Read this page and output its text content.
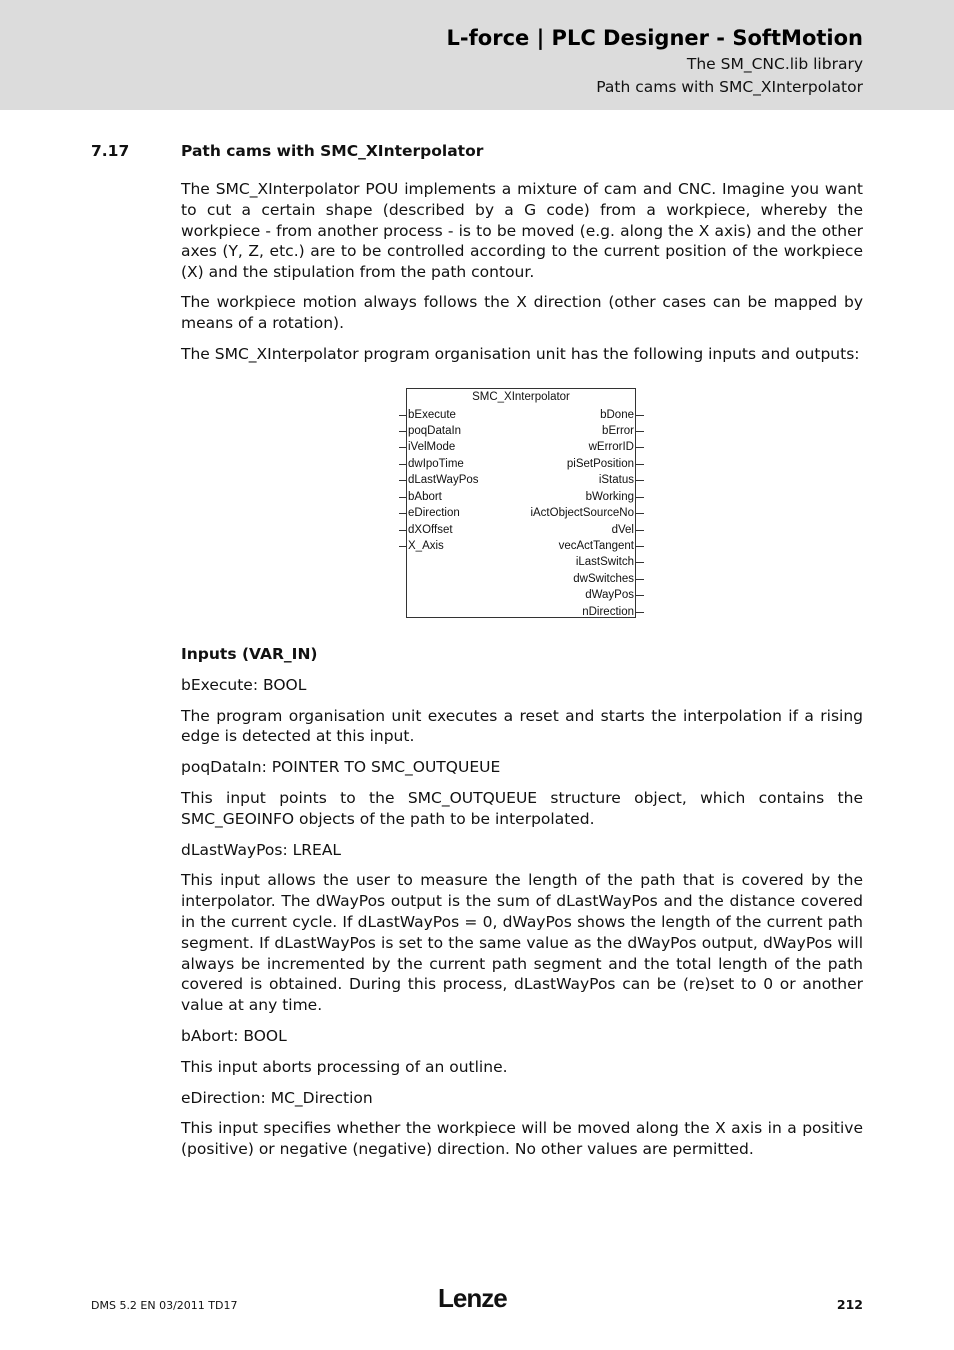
L-force | PLC Designer - SoftMotion
The SM_CNC.lib library
Path cams with SMC_XInterpolator
7.17	Path cams with SMC_XInterpolator

The SMC_XInterpolator POU implements a mixture of cam and CNC. Imagine you want to cut a certain shape (described by a G code) from a workpiece, whereby the workpiece - from another process - is to be moved (e.g. along the X axis) and the other axes (Y, Z, etc.) are to be controlled according to the current position of the workpiece (X) and the stipulation from the path contour.

The workpiece motion always follows the X direction (other cases can be mapped by means of a rotation).

The SMC_XInterpolator program organisation unit has the following inputs and outputs:

SMC_XInterpolator
bExecute
poqDataIn
iVelMode
dwIpoTime
dLastWayPos
bAbort
eDirection
dXOffset
X_Axis
bDone
bError
wErrorID
piSetPosition
iStatus
bWorking
iActObjectSourceNo
dVel
vecActTangent
iLastSwitch
dwSwitches
dWayPos
nDirection

Inputs (VAR_IN)

bExecute: BOOL

The program organisation unit executes a reset and starts the interpolation if a rising edge is detected at this input.

poqDataIn: POINTER TO SMC_OUTQUEUE

This input points to the SMC_OUTQUEUE structure object, which contains the SMC_GEOINFO objects of the path to be interpolated.

dLastWayPos: LREAL

This input allows the user to measure the length of the path that is covered by the interpolator. The dWayPos output is the sum of dLastWayPos and the distance covered in the current cycle. If dLastWayPos = 0, dWayPos shows the length of the current path segment. If dLastWayPos is set to the same value as the dWayPos output, dWayPos will always be incremented by the current path segment and the total length of the path covered is obtained. During this process, dLastWayPos can be (re)set to 0 or another value at any time.

bAbort: BOOL

This input aborts processing of an outline.

eDirection: MC_Direction

This input specifies whether the workpiece will be moved along the X axis in a positive (positive) or negative (negative) direction. No other values are permitted.

DMS 5.2 EN 03/2011 TD17	Lenze	212
